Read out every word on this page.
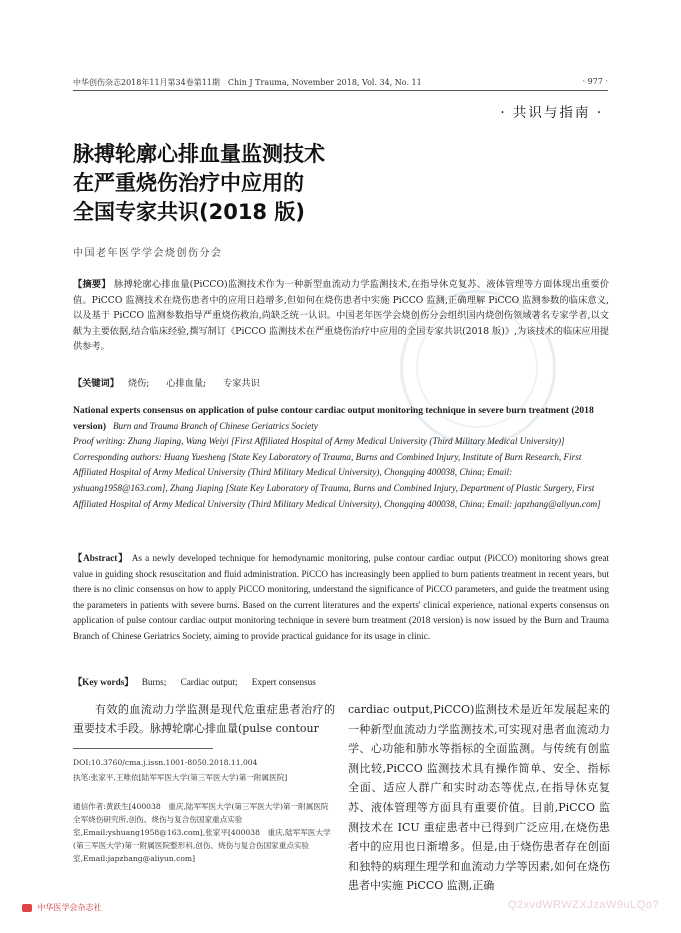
中华创伤杂志2018年11月第34卷第11期　Chin J Trauma, November 2018, Vol. 34, No. 11	· 977 ·
· 共识与指南 ·
脉搏轮廓心排血量监测技术
在严重烧伤治疗中应用的
全国专家共识(2018 版)
中国老年医学学会烧创伤分会
【摘要】 脉搏轮廓心排血量(PiCCO)监测技术作为一种新型血流动力学监测技术,在指导休克复苏、液体管理等方面体现出重要价值。PiCCO 监测技术在烧伤患者中的应用日趋增多,但如何在烧伤患者中实施 PiCCO 监测,正确理解 PiCCO 监测参数的临床意义,以及基于 PiCCO 监测参数指导严重烧伤救治,尚缺乏统一认识。中国老年医学会烧创伤分会组织国内烧创伤领域著名专家学者,以文献为主要依据,结合临床经验,撰写制订《PiCCO 监测技术在严重烧伤治疗中应用的全国专家共识(2018 版)》,为该技术的临床应用提供参考。
【关键词】 烧伤; 心排血量; 专家共识
National experts consensus on application of pulse contour cardiac output monitoring technique in severe burn treatment (2018 version) Burn and Trauma Branch of Chinese Geriatrics Society
Proof writing: Zhang Jiaping, Wang Weiyi [First Affiliated Hospital of Army Medical University (Third Military Medical University)]
Corresponding authors: Huang Yuesheng [State Key Laboratory of Trauma, Burns and Combined Injury, Institute of Burn Research, First Affiliated Hospital of Army Medical University (Third Military Medical University), Chongqing 400038, China; Email: yshuang1958@163.com], Zhang Jiaping [State Key Laboratory of Trauma, Burns and Combined Injury, Department of Plastic Surgery, First Affiliated Hospital of Army Medical University (Third Military Medical University), Chongqing 400038, China; Email: japzhang@aliyun.com]
【Abstract】 As a newly developed technique for hemodynamic monitoring, pulse contour cardiac output (PiCCO) monitoring shows great value in guiding shock resuscitation and fluid administration. PiCCO has increasingly been applied to burn patients treatment in recent years, but there is no clinic consensus on how to apply PiCCO monitoring, understand the significance of PiCCO parameters, and guide the treatment using the parameters in patients with severe burns. Based on the current literatures and the experts' clinical experience, national experts consensus on application of pulse contour cardiac output monitoring technique in severe burn treatment (2018 version) is now issued by the Burn and Trauma Branch of Chinese Geriatrics Society, aiming to provide practical guidance for its usage in clinic.
【Key words】 Burns; Cardiac output; Expert consensus
有效的血流动力学监测是现代危重症患者治疗的重要技术手段。脉搏轮廓心排血量(pulse contour
DOI:10.3760/cma.j.issn.1001-8050.2018.11.004
执笔:张家平,王唯依[陆军军医大学(第三军医大学)第一附属医院]
通信作者:黄跃生[400038　重庆,陆军军医大学(第三军医大学)第一附属医院全军烧伤研究所,创伤、烧伤与复合伤国家重点实验室,Email:yshuang1958@163.com],张家平[400038　重庆,陆军军医大学(第三军医大学)第一附属医院整形科,创伤、烧伤与复合伤国家重点实验室,Email:japzhang@aliyun.com]
cardiac output,PiCCO)监测技术是近年发展起来的一种新型血流动力学监测技术,可实现对患者血流动力学、心功能和肺水等指标的全面监测。与传统有创监测比较,PiCCO 监测技术具有操作简单、安全、指标全面、适应人群广和实时动态等优点,在指导休克复苏、液体管理等方面具有重要价值。目前,PiCCO 监测技术在 ICU 重症患者中已得到广泛应用,在烧伤患者中的应用也日渐增多。但是,由于烧伤患者存在创面和独特的病理生理学和血流动力学等因素,如何在烧伤患者中实施 PiCCO 监测,正确
中华医学会杂志社	Q2xvdWRWZXJzaW9uLQo?
